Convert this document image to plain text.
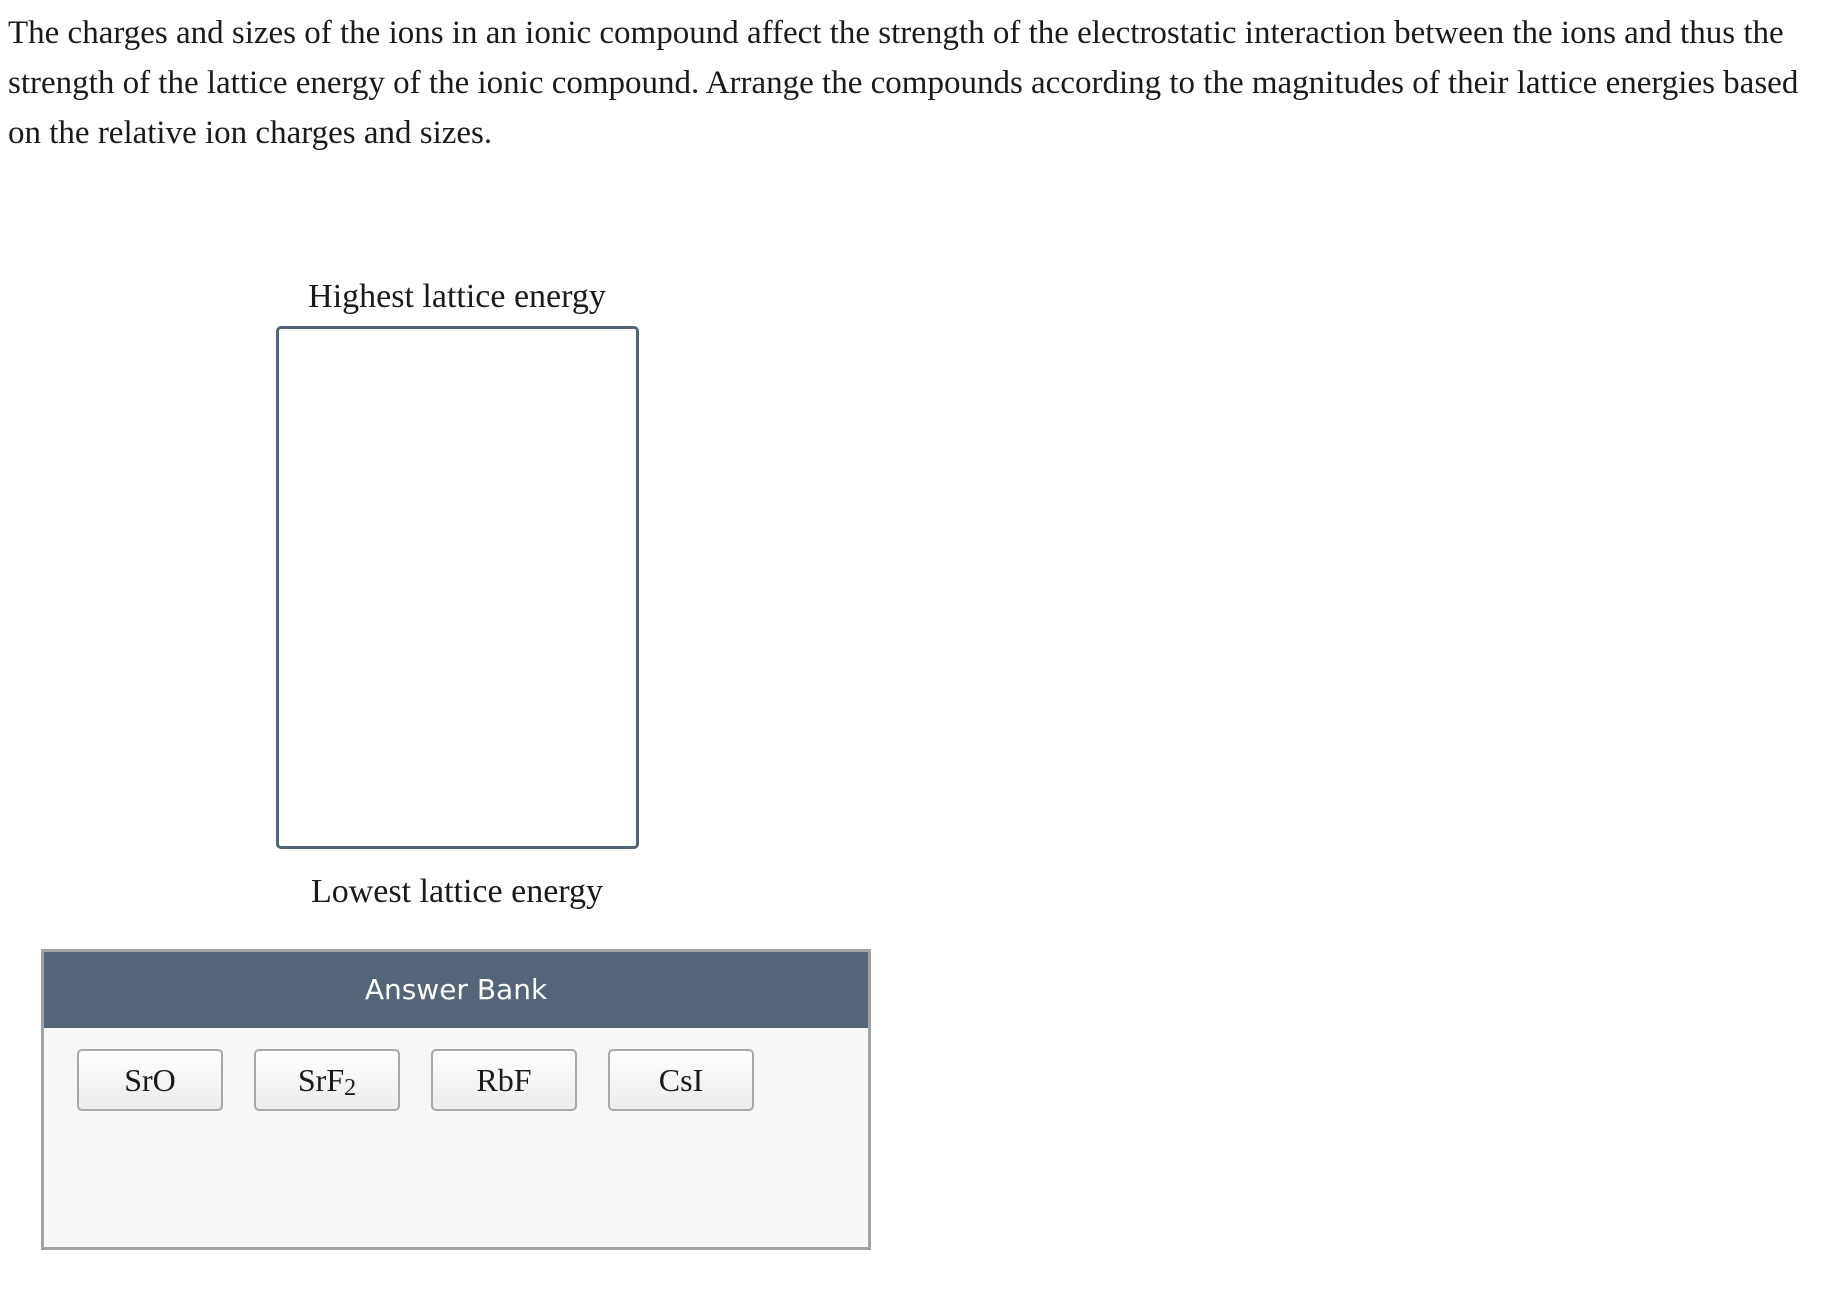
The charges and sizes of the ions in an ionic compound affect the strength of the electrostatic interaction between the ions and thus the strength of the lattice energy of the ionic compound. Arrange the compounds according to the magnitudes of their lattice energies based on the relative ion charges and sizes.

Highest lattice energy
Lowest lattice energy
Answer Bank
SrO	SrF$_2$	RbF	CsI
